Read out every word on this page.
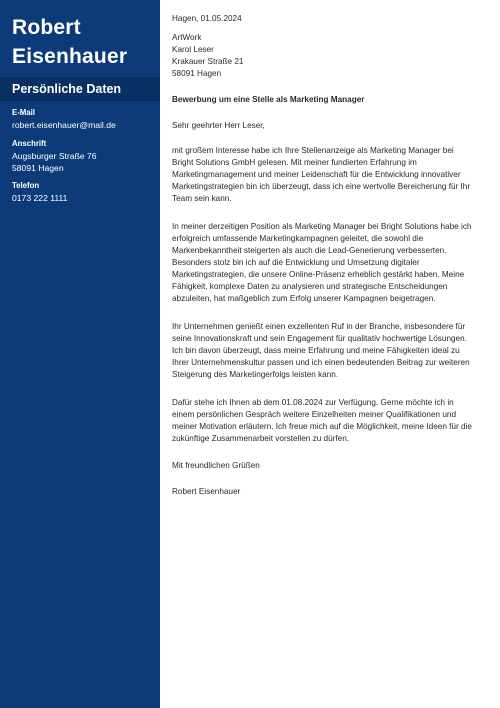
Robert
Eisenhauer
Persönliche Daten
E-Mail
robert.eisenhauer@mail.de
Anschrift
Augsburger Straße 76
58091 Hagen
Telefon
0173 222 1111
Hagen, 01.05.2024
ArtWork
Karol Leser
Krakauer Straße 21
58091 Hagen
Bewerbung um eine Stelle als Marketing Manager
Sehr geehrter Herr Leser,
mit großem Interesse habe ich Ihre Stellenanzeige als Marketing Manager bei
Bright Solutions GmbH gelesen. Mit meiner fundierten Erfahrung im
Marketingmanagement und meiner Leidenschaft für die Entwicklung innovativer
Marketingstrategien bin ich überzeugt, dass ich eine wertvolle Bereicherung für Ihr
Team sein kann.
In meiner derzeitigen Position als Marketing Manager bei Bright Solutions habe ich
erfolgreich umfassende Marketingkampagnen geleitet, die sowohl die
Markenbekanntheit steigerten als auch die Lead-Generierung verbesserten.
Besonders stolz bin ich auf die Entwicklung und Umsetzung digitaler
Marketingstrategien, die unsere Online-Präsenz erheblich gestärkt haben. Meine
Fähigkeit, komplexe Daten zu analysieren und strategische Entscheidungen
abzuleiten, hat maßgeblich zum Erfolg unserer Kampagnen beigetragen.
Ihr Unternehmen genießt einen exzellenten Ruf in der Branche, insbesondere für
seine Innovationskraft und sein Engagement für qualitativ hochwertige Lösungen.
Ich bin davon überzeugt, dass meine Erfahrung und meine Fähigkeiten ideal zu
Ihrer Unternehmenskultur passen und ich einen bedeutenden Beitrag zur weiteren
Steigerung des Marketingerfolgs leisten kann.
Dafür stehe ich Ihnen ab dem 01.08.2024 zur Verfügung. Gerne möchte ich in
einem persönlichen Gespräch weitere Einzelheiten meiner Qualifikationen und
meiner Motivation erläutern. Ich freue mich auf die Möglichkeit, meine Ideen für die
zukünftige Zusammenarbeit vorstellen zu dürfen.
Mit freundlichen Grüßen
Robert Eisenhauer
